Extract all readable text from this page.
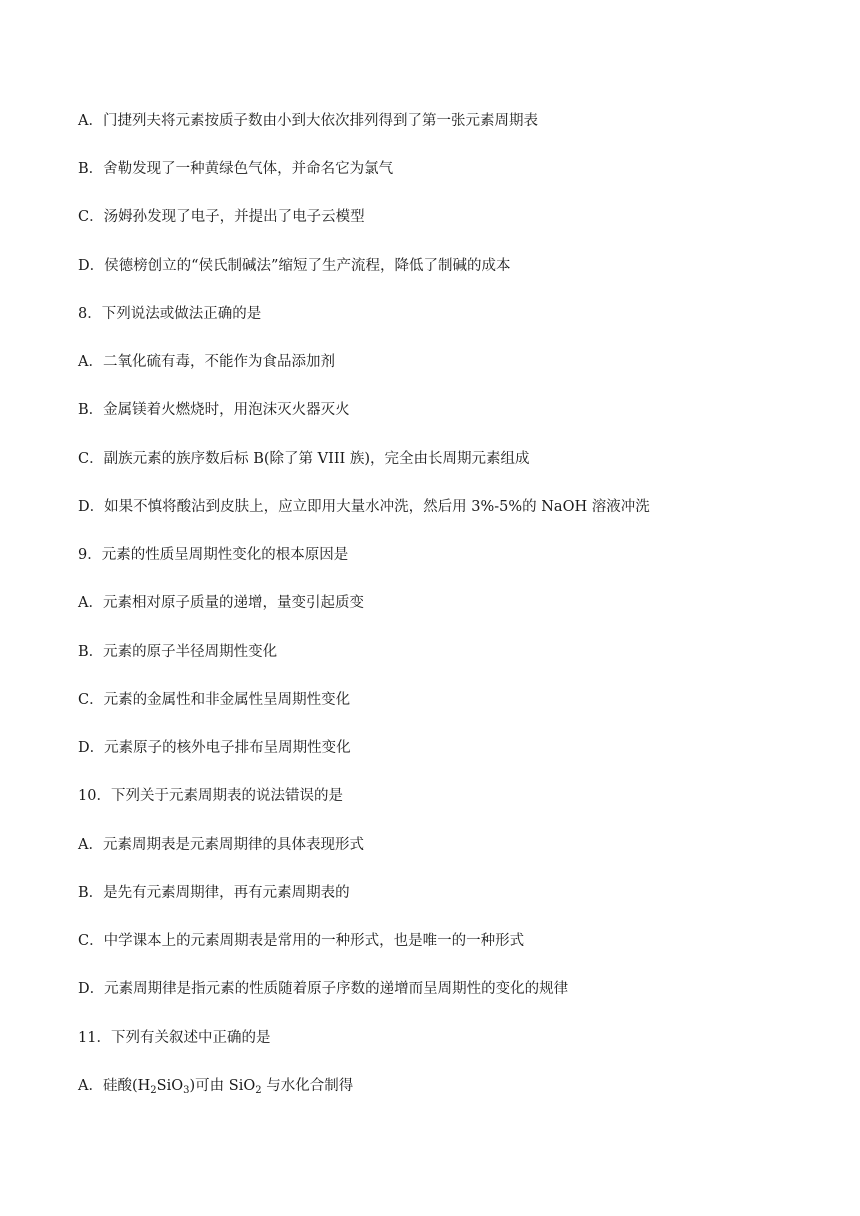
A．门捷列夫将元素按质子数由小到大依次排列得到了第一张元素周期表
B．舍勒发现了一种黄绿色气体，并命名它为氯气
C．汤姆孙发现了电子，并提出了电子云模型
D．侯德榜创立的“侯氏制碱法”缩短了生产流程，降低了制碱的成本
8．下列说法或做法正确的是
A．二氧化硫有毒，不能作为食品添加剂
B．金属镁着火燃烧时，用泡沫灭火器灭火
C．副族元素的族序数后标 B(除了第 VIII 族)，完全由长周期元素组成
D．如果不慎将酸沾到皮肤上，应立即用大量水冲洗，然后用 3%-5%的 NaOH 溶液冲洗
9．元素的性质呈周期性变化的根本原因是
A．元素相对原子质量的递增，量变引起质变
B．元素的原子半径周期性变化
C．元素的金属性和非金属性呈周期性变化
D．元素原子的核外电子排布呈周期性变化
10．下列关于元素周期表的说法错误的是
A．元素周期表是元素周期律的具体表现形式
B．是先有元素周期律，再有元素周期表的
C．中学课本上的元素周期表是常用的一种形式，也是唯一的一种形式
D．元素周期律是指元素的性质随着原子序数的递增而呈周期性的变化的规律
11．下列有关叙述中正确的是
A．硅酸$(H_2SiO_3)$可由 SiO$_2$ 与水化合制得
